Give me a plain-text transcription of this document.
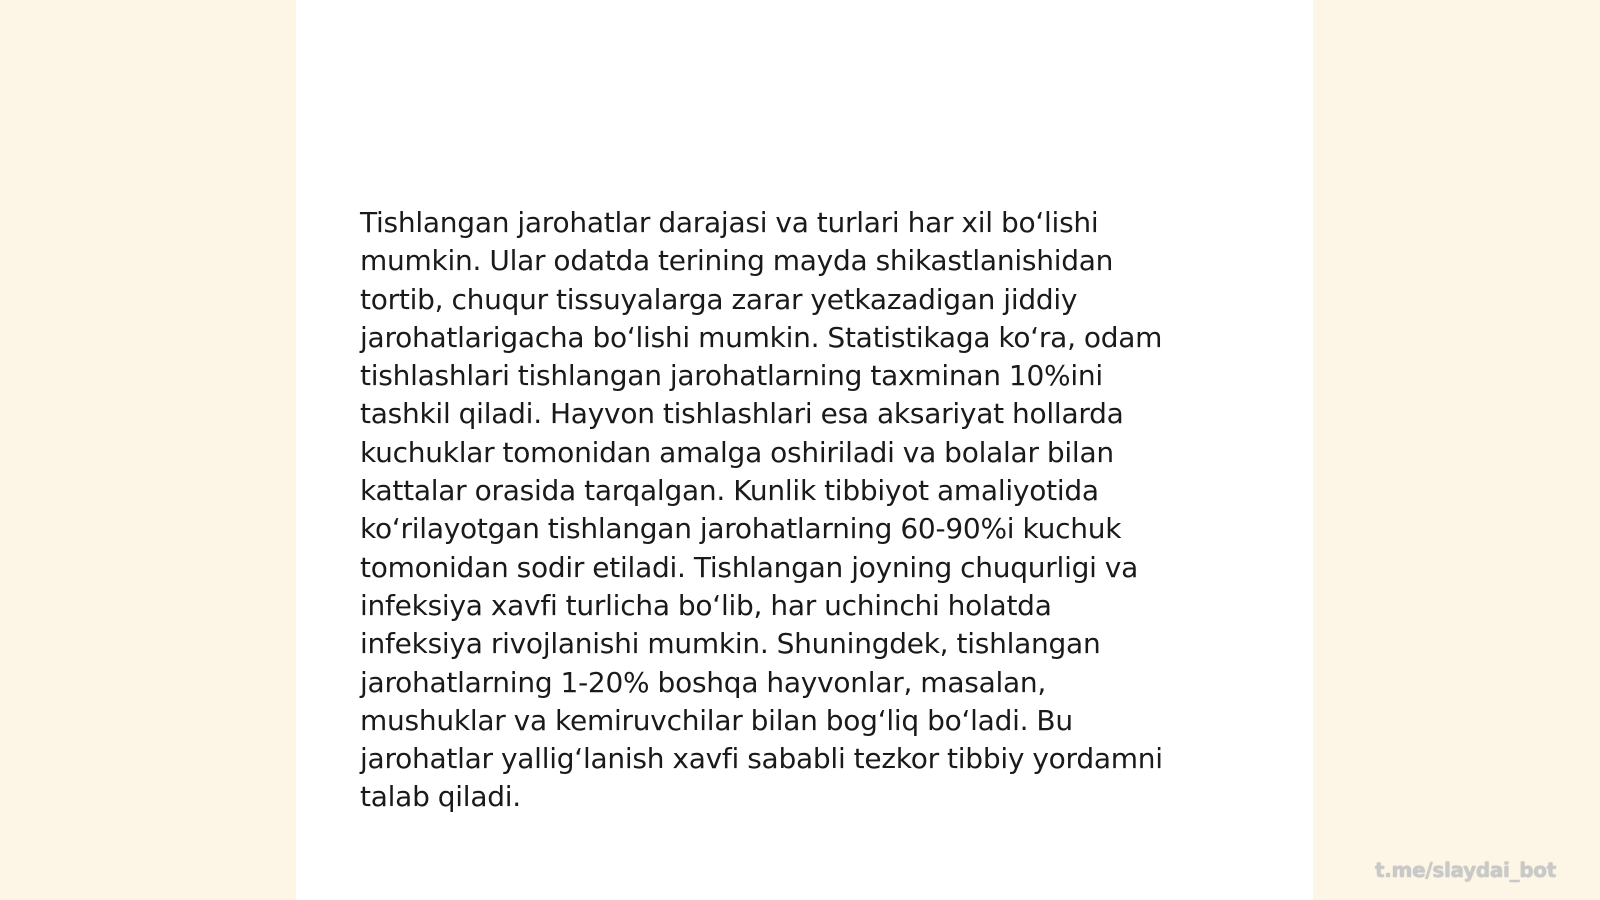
Tishlangan jarohatlar darajasi va turlari har xil bo‘lishi
mumkin. Ular odatda terining mayda shikastlanishidan
tortib, chuqur tissuyalarga zarar yetkazadigan jiddiy
jarohatlarigacha bo‘lishi mumkin. Statistikaga ko‘ra, odam
tishlashlari tishlangan jarohatlarning taxminan 10%ini
tashkil qiladi. Hayvon tishlashlari esa aksariyat hollarda
kuchuklar tomonidan amalga oshiriladi va bolalar bilan
kattalar orasida tarqalgan. Kunlik tibbiyot amaliyotida
ko‘rilayotgan tishlangan jarohatlarning 60-90%i kuchuk
tomonidan sodir etiladi. Tishlangan joyning chuqurligi va
infeksiya xavfi turlicha bo‘lib, har uchinchi holatda
infeksiya rivojlanishi mumkin. Shuningdek, tishlangan
jarohatlarning 1-20% boshqa hayvonlar, masalan,
mushuklar va kemiruvchilar bilan bog‘liq bo‘ladi. Bu
jarohatlar yallig‘lanish xavfi sababli tezkor tibbiy yordamni
talab qiladi.

t.me/slaydai_bot
